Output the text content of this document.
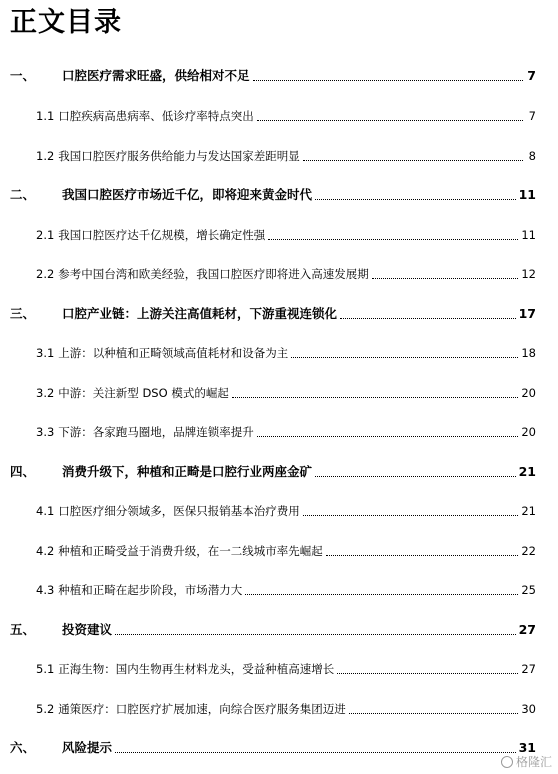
正文目录
一、	口腔医疗需求旺盛，供给相对不足	7
1.1 口腔疾病高患病率、低诊疗率特点突出	7
1.2 我国口腔医疗服务供给能力与发达国家差距明显	8
二、	我国口腔医疗市场近千亿，即将迎来黄金时代	11
2.1 我国口腔医疗达千亿规模，增长确定性强	11
2.2 参考中国台湾和欧美经验，我国口腔医疗即将进入高速发展期	12
三、	口腔产业链：上游关注高值耗材，下游重视连锁化	17
3.1 上游：以种植和正畸领域高值耗材和设备为主	18
3.2 中游：关注新型 DSO 模式的崛起	20
3.3 下游：各家跑马圈地，品牌连锁率提升	20
四、	消费升级下，种植和正畸是口腔行业两座金矿	21
4.1 口腔医疗细分领域多，医保只报销基本治疗费用	21
4.2 种植和正畸受益于消费升级，在一二线城市率先崛起	22
4.3 种植和正畸在起步阶段，市场潜力大	25
五、	投资建议	27
5.1 正海生物：国内生物再生材料龙头，受益种植高速增长	27
5.2 通策医疗：口腔医疗扩展加速，向综合医疗服务集团迈进	30
六、	风险提示	31
格隆汇
